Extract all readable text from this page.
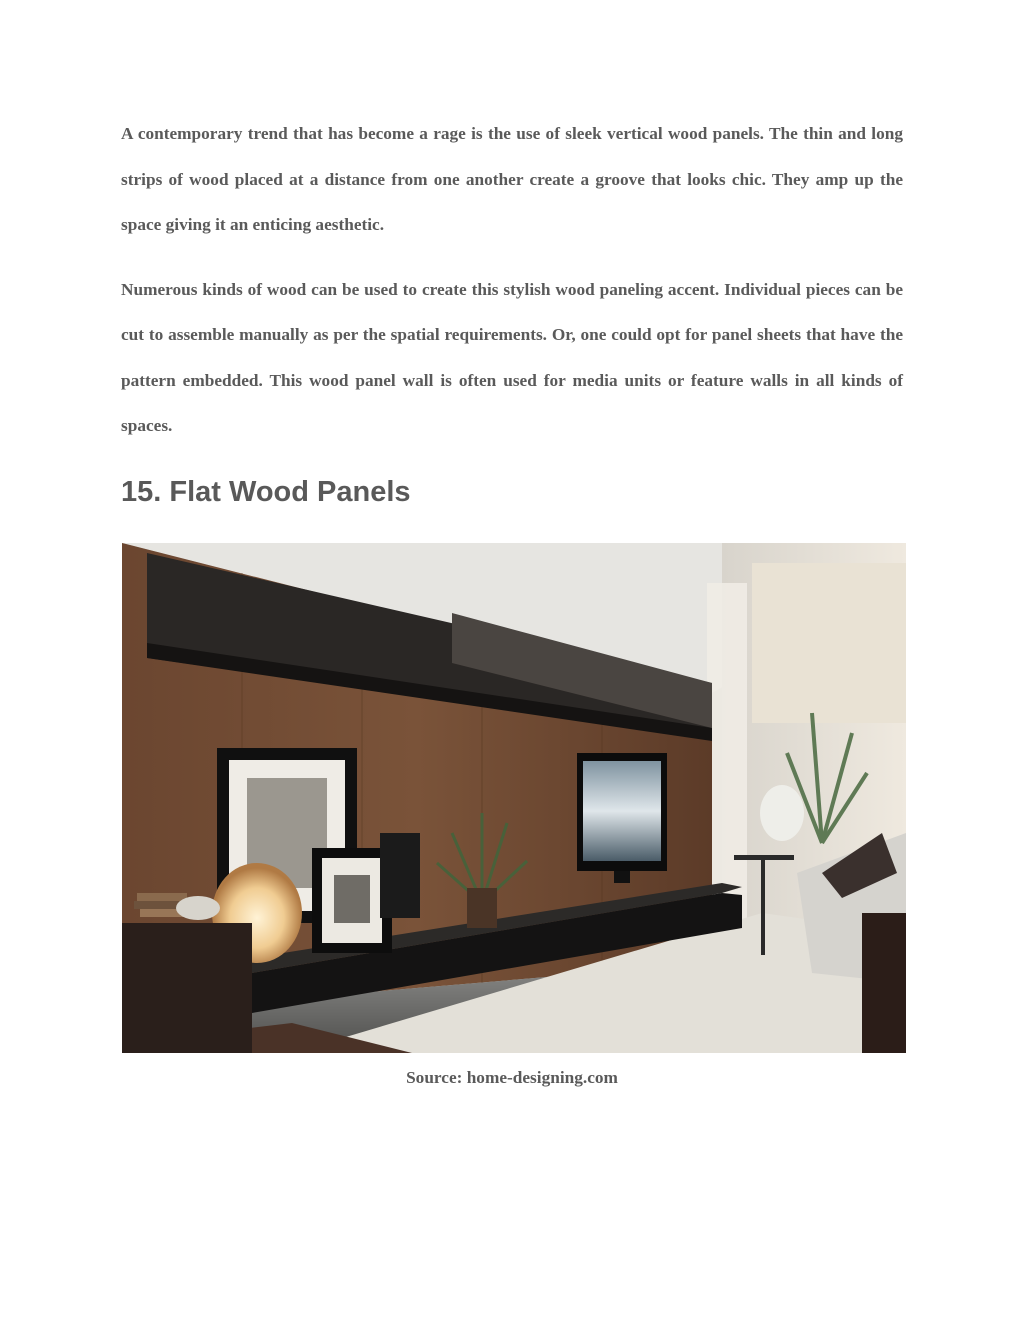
A contemporary trend that has become a rage is the use of sleek vertical wood panels. The thin and long strips of wood placed at a distance from one another create a groove that looks chic. They amp up the space giving it an enticing aesthetic.

Numerous kinds of wood can be used to create this stylish wood paneling accent. Individual pieces can be cut to assemble manually as per the spatial requirements. Or, one could opt for panel sheets that have the pattern embedded. This wood panel wall is often used for media units or feature walls in all kinds of spaces.

15. Flat Wood Panels
Source: home-designing.com
